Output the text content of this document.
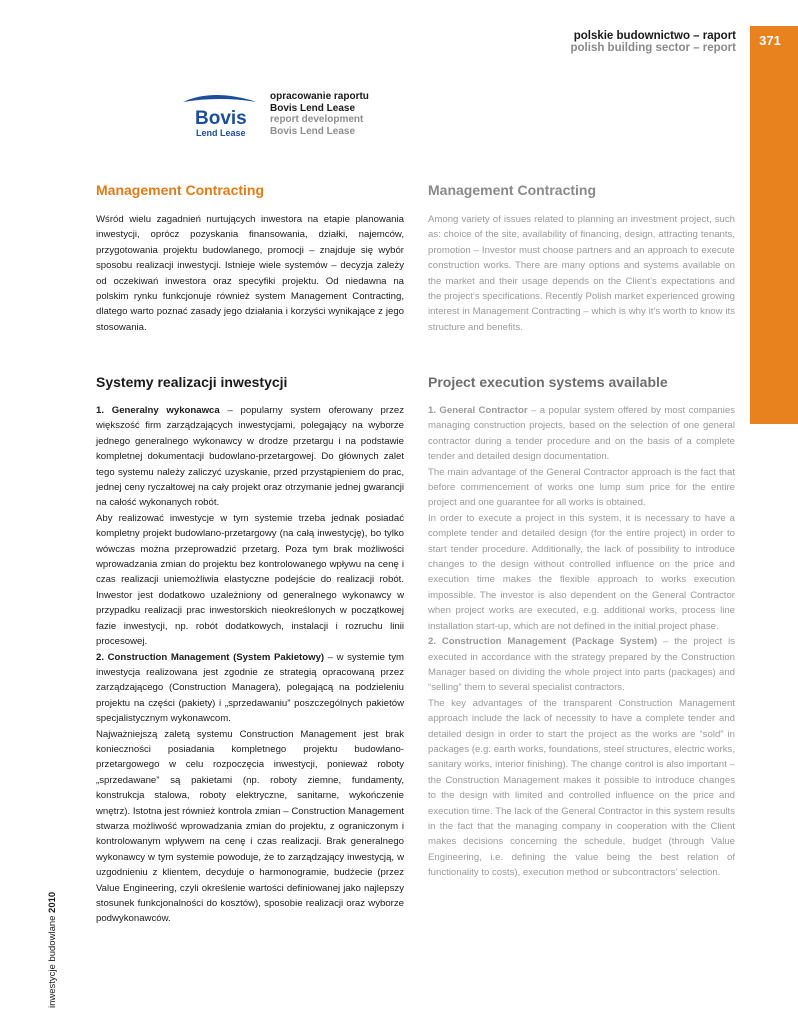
polskie budownictwo – raport
polish building sector – report	371
Bovis
Lend Lease
opracowanie raportu
Bovis Lend Lease
report development
Bovis Lend Lease
Management Contracting	Management Contracting

Wśród wielu zagadnień nurtujących inwestora na etapie planowania inwestycji, oprócz pozyskania finansowania, działki, najemców, przygotowania projektu budowlanego, promocji – znajduje się wybór sposobu realizacji inwestycji. Istnieje wiele systemów – decyzja zależy od oczekiwań inwestora oraz specyfiki projektu. Od niedawna na polskim rynku funkcjonuje również system Management Contracting, dlatego warto poznać zasady jego działania i korzyści wynikające z jego stosowania.

Among variety of issues related to planning an investment project, such as: choice of the site, availability of financing, design, attracting tenants, promotion – Investor must choose partners and an approach to execute construction works. There are many options and systems available on the market and their usage depends on the Client’s expectations and the project’s specifications. Recently Polish market experienced growing interest in Management Contracting – which is why it’s worth to know its structure and benefits.

Systemy realizacji inwestycji	Project execution systems available

1. Generalny wykonawca – popularny system oferowany przez większość firm zarządzających inwestycjami, polegający na wyborze jednego generalnego wykonawcy w drodze przetargu i na podstawie kompletnej dokumentacji budowlano-przetargowej. Do głównych zalet tego systemu należy zaliczyć uzyskanie, przed przystąpieniem do prac, jednej ceny ryczałtowej na cały projekt oraz otrzymanie jednej gwarancji na całość wykonanych robót.

Aby realizować inwestycje w tym systemie trzeba jednak posiadać kompletny projekt budowlano-przetargowy (na całą inwestycję), bo tylko wówczas można przeprowadzić przetarg. Poza tym brak możliwości wprowadzania zmian do projektu bez kontrolowanego wpływu na cenę i czas realizacji uniemożliwia elastyczne podejście do realizacji robót. Inwestor jest dodatkowo uzależniony od generalnego wykonawcy w przypadku realizacji prac inwestorskich nieokreślonych w początkowej fazie inwestycji, np. robót dodatkowych, instalacji i rozruchu linii procesowej.

2. Construction Management (System Pakietowy) – w systemie tym inwestycja realizowana jest zgodnie ze strategią opracowaną przez zarządzającego (Construction Managera), polegającą na podzieleniu projektu na części (pakiety) i „sprzedawaniu” poszczególnych pakietów specjalistycznym wykonawcom.

Najważniejszą zaletą systemu Construction Management jest brak konieczności posiadania kompletnego projektu budowlano-przetargowego w celu rozpoczęcia inwestycji, ponieważ roboty „sprzedawane” są pakietami (np. roboty ziemne, fundamenty, konstrukcja stalowa, roboty elektryczne, sanitarne, wykończenie wnętrz). Istotna jest również kontrola zmian – Construction Management stwarza możliwość wprowadzania zmian do projektu, z ograniczonym i kontrolowanym wpływem na cenę i czas realizacji. Brak generalnego wykonawcy w tym systemie powoduje, że to zarządzający inwestycją, w uzgodnieniu z klientem, decyduje o harmonogramie, budżecie (przez Value Engineering, czyli określenie wartości definiowanej jako najlepszy stosunek funkcjonalności do kosztów), sposobie realizacji oraz wyborze podwykonawców.

1. General Contractor – a popular system offered by most companies managing construction projects, based on the selection of one general contractor during a tender procedure and on the basis of a complete tender and detailed design documentation.

The main advantage of the General Contractor approach is the fact that before commencement of works one lump sum price for the entire project and one guarantee for all works is obtained.

In order to execute a project in this system, it is necessary to have a complete tender and detailed design (for the entire project) in order to start tender procedure. Additionally, the lack of possibility to introduce changes to the design without controlled influence on the price and execution time makes the flexible approach to works execution impossible. The investor is also dependent on the General Contractor when project works are executed, e.g. additional works, process line installation start-up, which are not defined in the initial project phase.

2. Construction Management (Package System) – the project is executed in accordance with the strategy prepared by the Construction Manager based on dividing the whole project into parts (packages) and “selling” them to several specialist contractors.

The key advantages of the transparent Construction Management approach include the lack of necessity to have a complete tender and detailed design in order to start the project as the works are “sold” in packages (e.g. earth works, foundations, steel structures, electric works, sanitary works, interior finishing). The change control is also important – the Construction Management makes it possible to introduce changes to the design with limited and controlled influence on the price and execution time. The lack of the General Contractor in this system results in the fact that the managing company in cooperation with the Client makes decisions concerning the schedule, budget (through Value Engineering, i.e. defining the value being the best relation of functionality to costs), execution method or subcontractors’ selection.

inwestycje budowlane 2010
